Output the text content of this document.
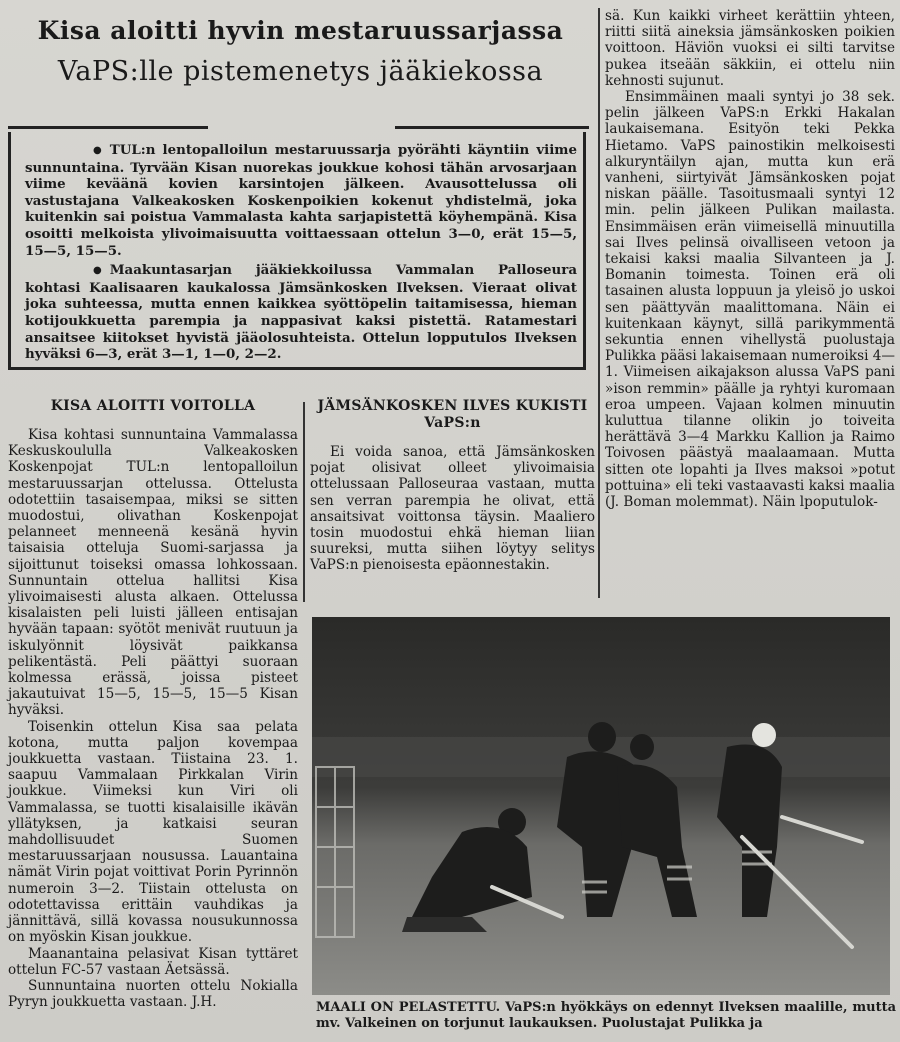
Kisa aloitti hyvin mestaruussarjassa
VaPS:lle pistemenetys jääkiekossa

● TUL:n lentopalloilun mestaruussarja pyörähti käyntiin viime sunnuntaina. Tyrvään Kisan nuorekas joukkue kohosi tähän arvosarjaan viime keväänä kovien karsintojen jälkeen. Avausottelussa oli vastustajana Valkeakosken Koskenpoikien kokenut yhdistelmä, joka kuitenkin sai poistua Vammalasta kahta sarjapistettä köyhempänä. Kisa osoitti melkoista ylivoimaisuutta voittaessaan ottelun 3—0, erät 15—5, 15—5, 15—5.

● Maakuntasarjan jääkiekkoilussa Vammalan Palloseura kohtasi Kaalisaaren kaukalossa Jämsänkosken Ilveksen. Vieraat olivat joka suhteessa, mutta ennen kaikkea syöttöpelin taitamisessa, hieman kotijoukkuetta parempia ja nappasivat kaksi pistettä. Ratamestari ansaitsee kiitokset hyvistä jääolosuhteista. Ottelun lopputulos Ilveksen hyväksi 6—3, erät 3—1, 1—0, 2—2.

KISA ALOITTI VOITOLLA

Kisa kohtasi sunnuntaina Vammalassa Keskuskoululla Valkeakosken Koskenpojat TUL:n lentopalloilun mestaruussarjan ottelussa. Ottelusta odotettiin tasaisempaa, miksi se sitten muodostui, olivathan Koskenpojat pelanneet menneenä kesänä hyvin taisaisia otteluja Suomi-sarjassa ja sijoittunut toiseksi omassa lohkossaan. Sunnuntain ottelua hallitsi Kisa ylivoimaisesti alusta alkaen. Ottelussa kisalaisten peli luisti jälleen entisajan hyvään tapaan: syötöt menivät ruutuun ja iskulyönnit löysivät paikkansa pelikentästä. Peli päättyi suoraan kolmessa erässä, joissa pisteet jakautuivat 15—5, 15—5, 15—5 Kisan hyväksi.

Toisenkin ottelun Kisa saa pelata kotona, mutta paljon kovempaa joukkuetta vastaan. Tiistaina 23. 1. saapuu Vammalaan Pirkkalan Virin joukkue. Viimeksi kun Viri oli Vammalassa, se tuotti kisalaisille ikävän yllätyksen, ja katkaisi seuran mahdollisuudet Suomen mestaruussarjaan nousussa. Lauantaina nämät Virin pojat voittivat Porin Pyrinnön numeroin 3—2. Tiistain ottelusta on odotettavissa erittäin vauhdikas ja jännittävä, sillä kovassa nousukunnossa on myöskin Kisan joukkue.

Maanantaina pelasivat Kisan tyttäret ottelun FC-57 vastaan Äetsässä.

Sunnuntaina nuorten ottelu Nokialla Pyryn joukkuetta vastaan. J.H.

JÄMSÄNKOSKEN ILVES KUKISTI VaPS:n

Ei voida sanoa, että Jämsänkosken pojat olisivat olleet ylivoimaisia ottelussaan Palloseuraa vastaan, mutta sen verran parempia he olivat, että ansaitsivat voittonsa täysin. Maaliero tosin muodostui ehkä hieman liian suureksi, mutta siihen löytyy selitys VaPS:n pienoisesta epäonnestakin.

sä. Kun kaikki virheet kerättiin yhteen, riitti siitä aineksia jämsänkosken poikien voittoon. Häviön vuoksi ei silti tarvitse pukea itseään säkkiin, ei ottelu niin kehnosti sujunut.

Ensimmäinen maali syntyi jo 38 sek. pelin jälkeen VaPS:n Erkki Hakalan laukaisemana. Esityön teki Pekka Hietamo. VaPS painostikin melkoisesti alkuryntäilyn ajan, mutta kun erä vanheni, siirtyivät Jämsänkosken pojat niskan päälle. Tasoitusmaali syntyi 12 min. pelin jälkeen Pulikan mailasta. Ensimmäisen erän viimeisellä minuutilla sai Ilves pelinsä oivalliseen vetoon ja tekaisi kaksi maalia Silvanteen ja J. Bomanin toimesta. Toinen erä oli tasainen alusta loppuun ja yleisö jo uskoi sen päättyvän maalittomana. Näin ei kuitenkaan käynyt, sillä parikymmentä sekuntia ennen vihellystä puolustaja Pulikka pääsi lakaisemaan numeroiksi 4—1. Viimeisen aikajakson alussa VaPS pani »ison remmin» päälle ja ryhtyi kuromaan eroa umpeen. Vajaan kolmen minuutin kuluttua tilanne olikin jo toiveita herättävä 3—4 Markku Kallion ja Raimo Toivosen päästyä maalaamaan. Mutta sitten ote lopahti ja Ilves maksoi »potut pottuina» eli teki vastaavasti kaksi maalia (J. Boman molemmat). Näin lpoputulok-

MAALI ON PELASTETTU. VaPS:n hyökkäys on edennyt Ilveksen maalille, mutta mv. Valkeinen on torjunut laukauksen. Puolustajat Pulikka ja
